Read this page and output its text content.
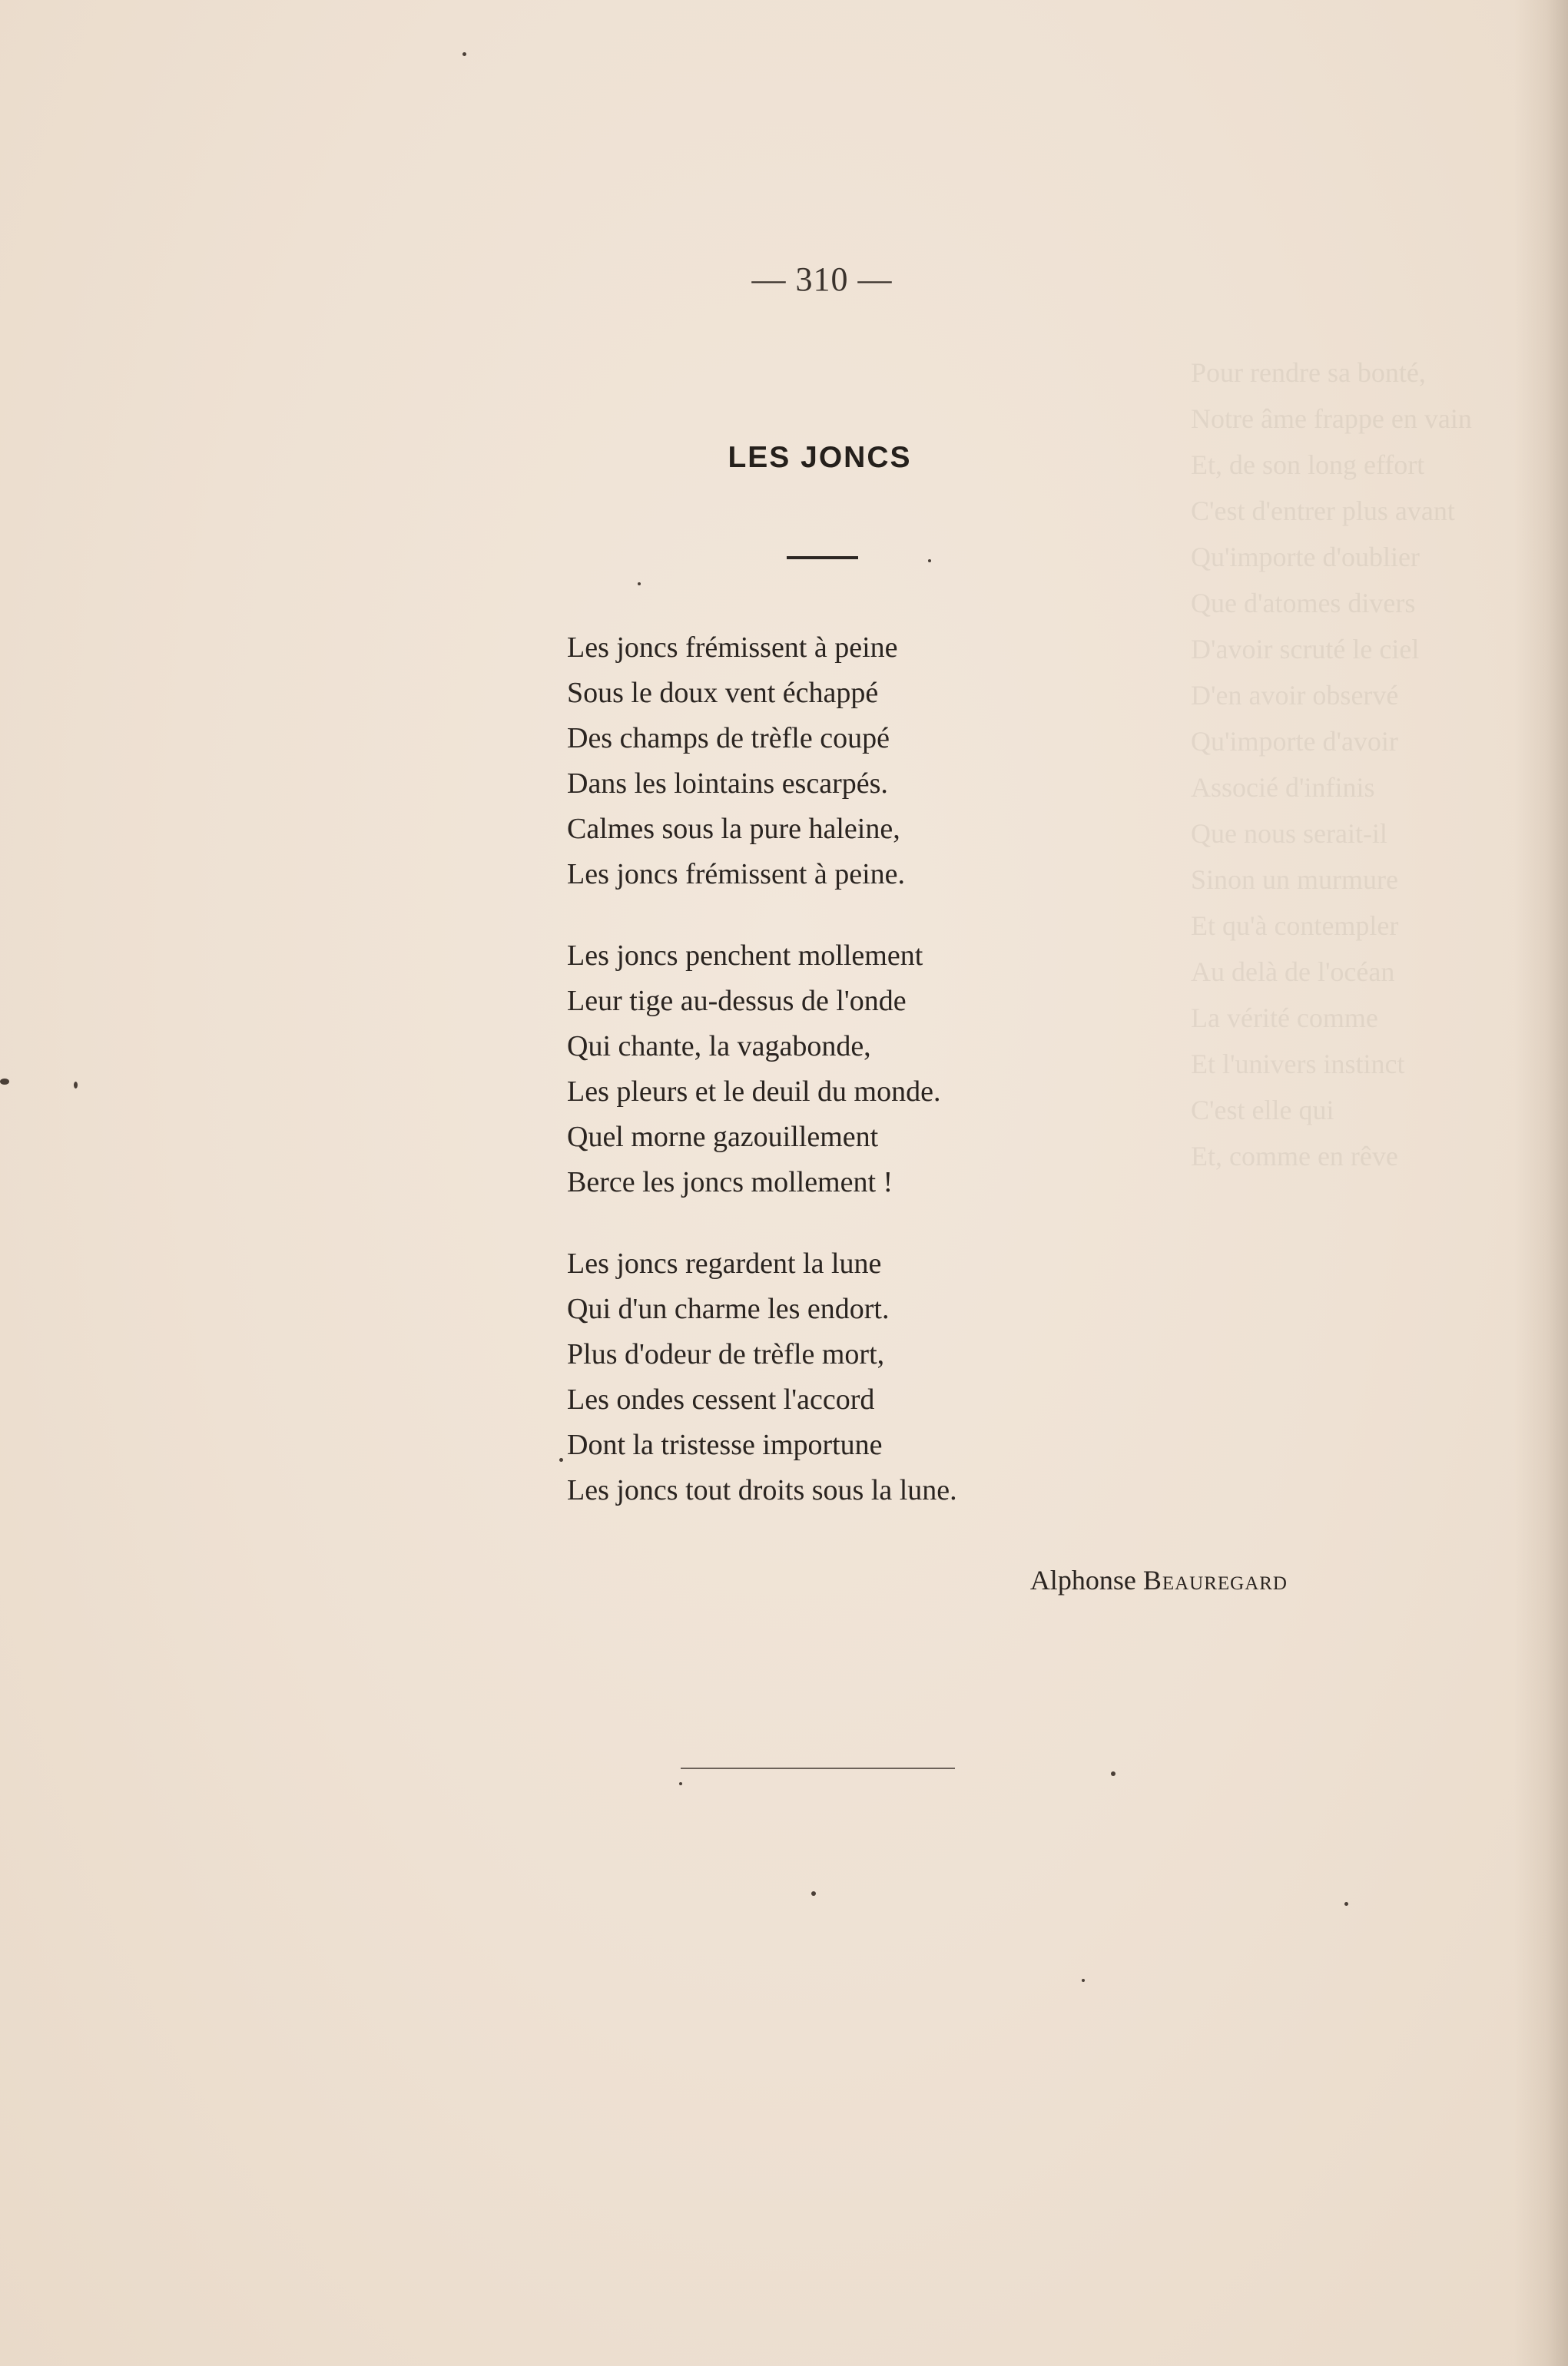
Pour rendre sa bonté,
Notre âme frappe en vain
Et, de son long effort
C'est d'entrer plus avant
Qu'importe d'oublier
Que d'atomes divers
D'avoir scruté le ciel
D'en avoir observé
Qu'importe d'avoir
Associé d'infinis
Que nous serait-il
Sinon un murmure
Et qu'à contempler
Au delà de l'océan
La vérité comme
Et l'univers instinct
C'est elle qui
Et, comme en rêve
— 310 —
LES JONCS
Les joncs frémissent à peine
Sous le doux vent échappé
Des champs de trèfle coupé
Dans les lointains escarpés.
Calmes sous la pure haleine,
Les joncs frémissent à peine.
Les joncs penchent mollement
Leur tige au-dessus de l'onde
Qui chante, la vagabonde,
Les pleurs et le deuil du monde.
Quel morne gazouillement
Berce les joncs mollement !
Les joncs regardent la lune
Qui d'un charme les endort.
Plus d'odeur de trèfle mort,
Les ondes cessent l'accord
Dont la tristesse importune
Les joncs tout droits sous la lune.
Alphonse Beauregard
